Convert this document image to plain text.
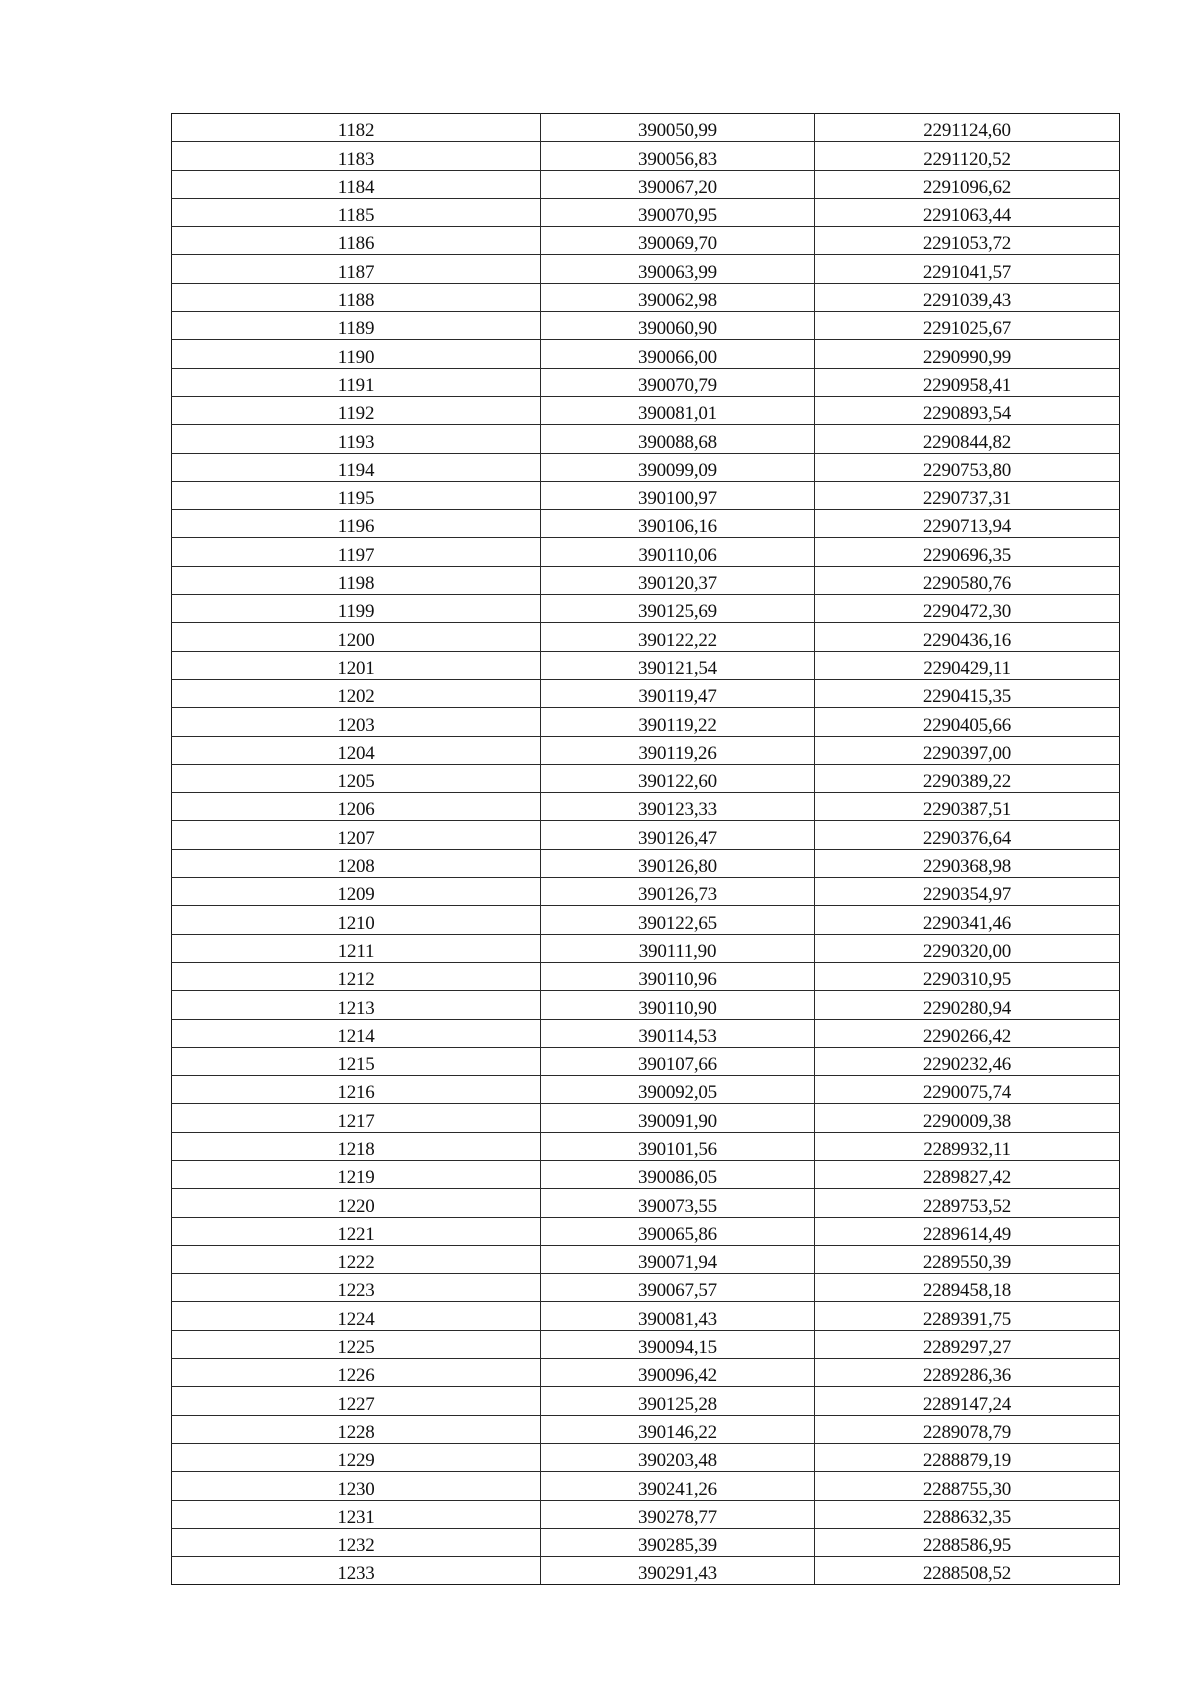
1182	390050,99	2291124,60
1183	390056,83	2291120,52
1184	390067,20	2291096,62
1185	390070,95	2291063,44
1186	390069,70	2291053,72
1187	390063,99	2291041,57
1188	390062,98	2291039,43
1189	390060,90	2291025,67
1190	390066,00	2290990,99
1191	390070,79	2290958,41
1192	390081,01	2290893,54
1193	390088,68	2290844,82
1194	390099,09	2290753,80
1195	390100,97	2290737,31
1196	390106,16	2290713,94
1197	390110,06	2290696,35
1198	390120,37	2290580,76
1199	390125,69	2290472,30
1200	390122,22	2290436,16
1201	390121,54	2290429,11
1202	390119,47	2290415,35
1203	390119,22	2290405,66
1204	390119,26	2290397,00
1205	390122,60	2290389,22
1206	390123,33	2290387,51
1207	390126,47	2290376,64
1208	390126,80	2290368,98
1209	390126,73	2290354,97
1210	390122,65	2290341,46
1211	390111,90	2290320,00
1212	390110,96	2290310,95
1213	390110,90	2290280,94
1214	390114,53	2290266,42
1215	390107,66	2290232,46
1216	390092,05	2290075,74
1217	390091,90	2290009,38
1218	390101,56	2289932,11
1219	390086,05	2289827,42
1220	390073,55	2289753,52
1221	390065,86	2289614,49
1222	390071,94	2289550,39
1223	390067,57	2289458,18
1224	390081,43	2289391,75
1225	390094,15	2289297,27
1226	390096,42	2289286,36
1227	390125,28	2289147,24
1228	390146,22	2289078,79
1229	390203,48	2288879,19
1230	390241,26	2288755,30
1231	390278,77	2288632,35
1232	390285,39	2288586,95
1233	390291,43	2288508,52
